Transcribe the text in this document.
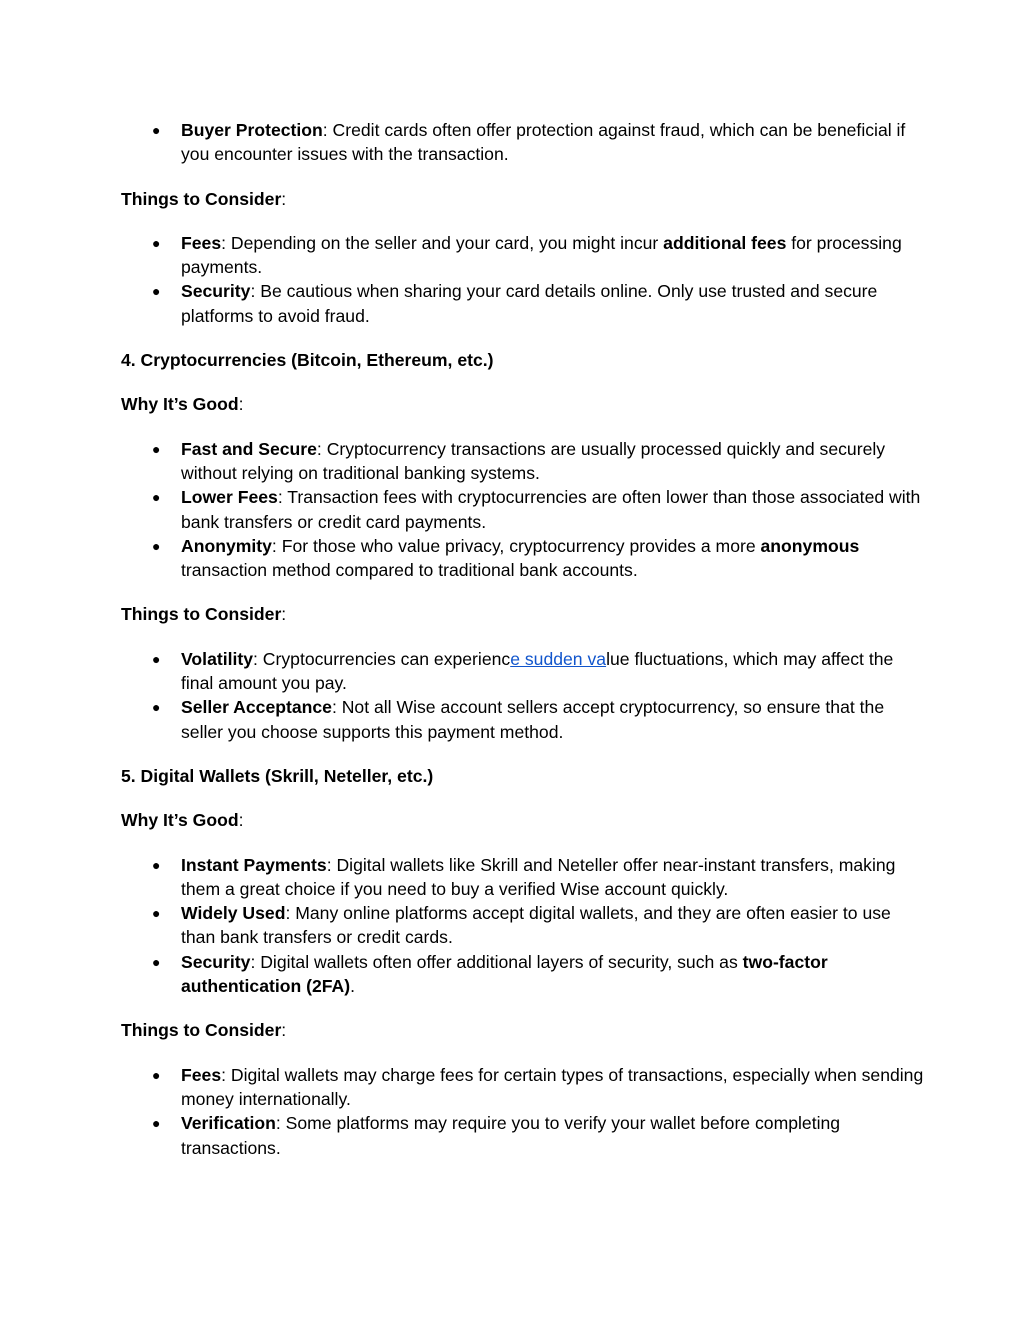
● Buyer Protection: Credit cards often offer protection against fraud, which can be beneficial if you encounter issues with the transaction.

Things to Consider:

● Fees: Depending on the seller and your card, you might incur additional fees for processing payments.
● Security: Be cautious when sharing your card details online. Only use trusted and secure platforms to avoid fraud.

4. Cryptocurrencies (Bitcoin, Ethereum, etc.)

Why It’s Good:

● Fast and Secure: Cryptocurrency transactions are usually processed quickly and securely without relying on traditional banking systems.
● Lower Fees: Transaction fees with cryptocurrencies are often lower than those associated with bank transfers or credit card payments.
● Anonymity: For those who value privacy, cryptocurrency provides a more anonymous transaction method compared to traditional bank accounts.

Things to Consider:

● Volatility: Cryptocurrencies can experience sudden value fluctuations, which may affect the final amount you pay.
● Seller Acceptance: Not all Wise account sellers accept cryptocurrency, so ensure that the seller you choose supports this payment method.

5. Digital Wallets (Skrill, Neteller, etc.)

Why It’s Good:

● Instant Payments: Digital wallets like Skrill and Neteller offer near-instant transfers, making them a great choice if you need to buy a verified Wise account quickly.
● Widely Used: Many online platforms accept digital wallets, and they are often easier to use than bank transfers or credit cards.
● Security: Digital wallets often offer additional layers of security, such as two-factor authentication (2FA).

Things to Consider:

● Fees: Digital wallets may charge fees for certain types of transactions, especially when sending money internationally.
● Verification: Some platforms may require you to verify your wallet before completing transactions.
